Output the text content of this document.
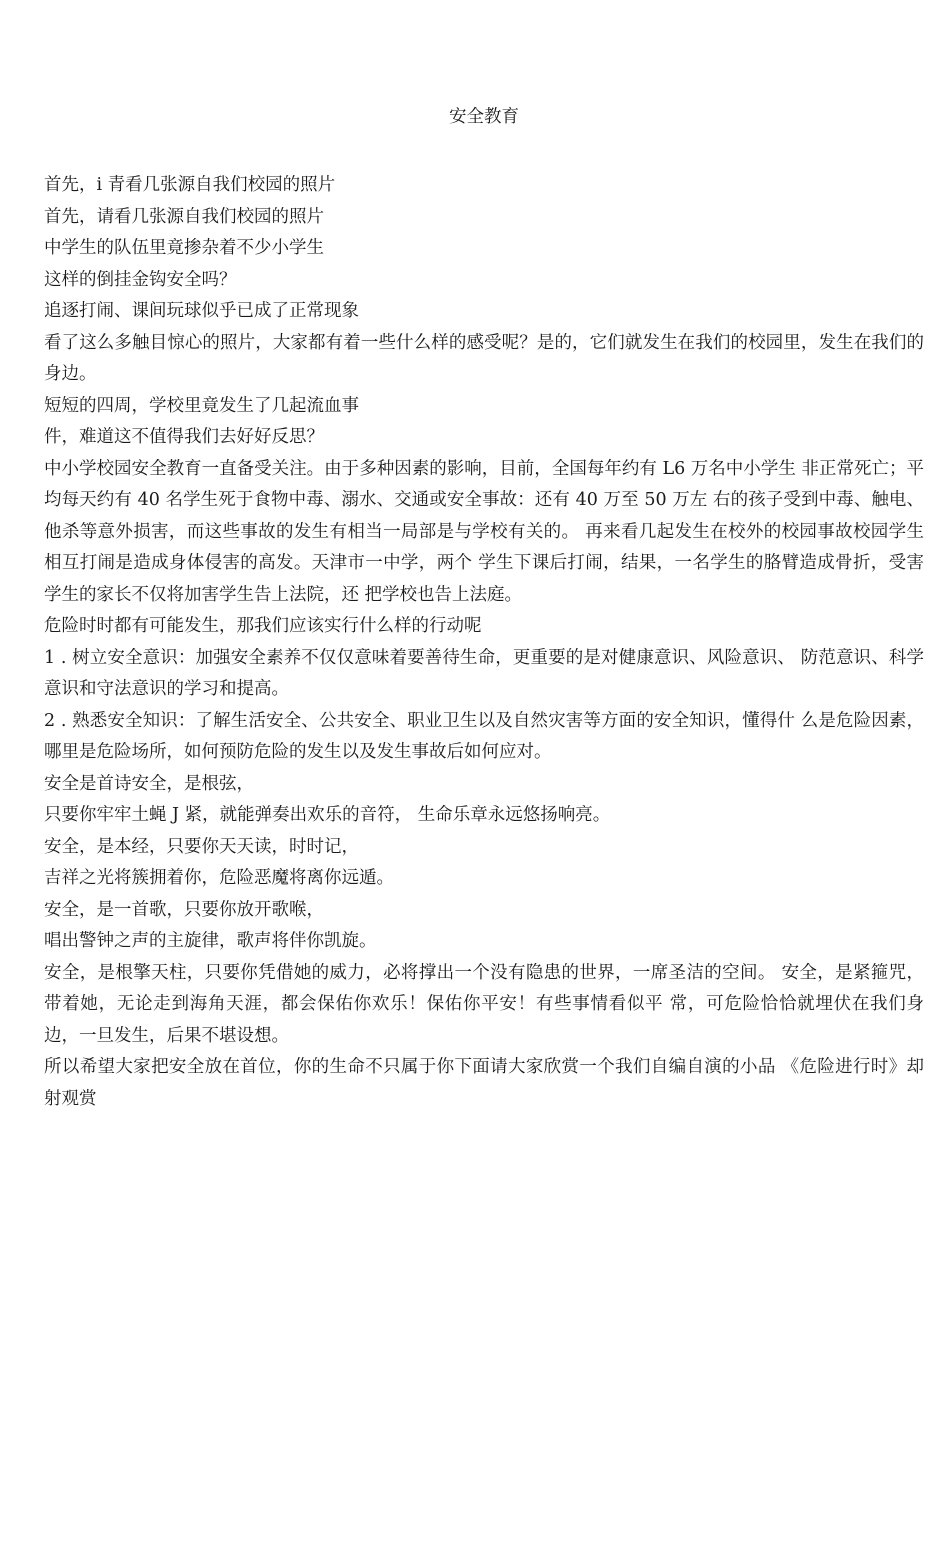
安全教育

首先，i 青看几张源自我们校园的照片

首先，请看几张源自我们校园的照片

中学生的队伍里竟掺杂着不少小学生

这样的倒挂金钩安全吗？

追逐打闹、课间玩球似乎已成了正常现象

看了这么多触目惊心的照片，大家都有着一些什么样的感受呢？是的，它们就发生在我们的校园里，发生在我们的身边。

短短的四周，学校里竟发生了几起流血事

件，难道这不值得我们去好好反思？

中小学校园安全教育一直备受关注。由于多种因素的影响，目前，全国每年约有 L6 万名中小学生 非正常死亡；平均每天约有 40 名学生死于食物中毒、溺水、交通或安全事故：还有 40 万至 50 万左 右的孩子受到中毒、触电、他杀等意外损害，而这些事故的发生有相当一局部是与学校有关的。 再来看几起发生在校外的校园事故校园学生相互打闹是造成身体侵害的高发。天津市一中学，两个 学生下课后打闹，结果，一名学生的胳臂造成骨折，受害学生的家长不仅将加害学生告上法院，还 把学校也告上法庭。

危险时时都有可能发生，那我们应该实行什么样的行动呢

1 . 树立安全意识：加强安全素养不仅仅意味着要善待生命，更重要的是对健康意识、风险意识、 防范意识、科学意识和守法意识的学习和提高。

2 . 熟悉安全知识：了解生活安全、公共安全、职业卫生以及自然灾害等方面的安全知识，懂得什 么是危险因素，哪里是危险场所，如何预防危险的发生以及发生事故后如何应对。

安全是首诗安全，是根弦，

只要你牢牢土蝇 J 紧，就能弹奏出欢乐的音符， 生命乐章永远悠扬响亮。

安全，是本经，只要你天天读，时时记，

吉祥之光将簇拥着你，危险恶魔将离你远遁。

安全，是一首歌，只要你放开歌喉，

唱出警钟之声的主旋律，歌声将伴你凯旋。

安全，是根擎天柱，只要你凭借她的威力，必将撑出一个没有隐患的世界，一席圣洁的空间。 安全，是紧箍咒，带着她，无论走到海角天涯，都会保佑你欢乐！保佑你平安！有些事情看似平 常，可危险恰恰就埋伏在我们身边，一旦发生，后果不堪设想。

所以希望大家把安全放在首位，你的生命不只属于你下面请大家欣赏一个我们自编自演的小品 《危险进行时》却射观赏
